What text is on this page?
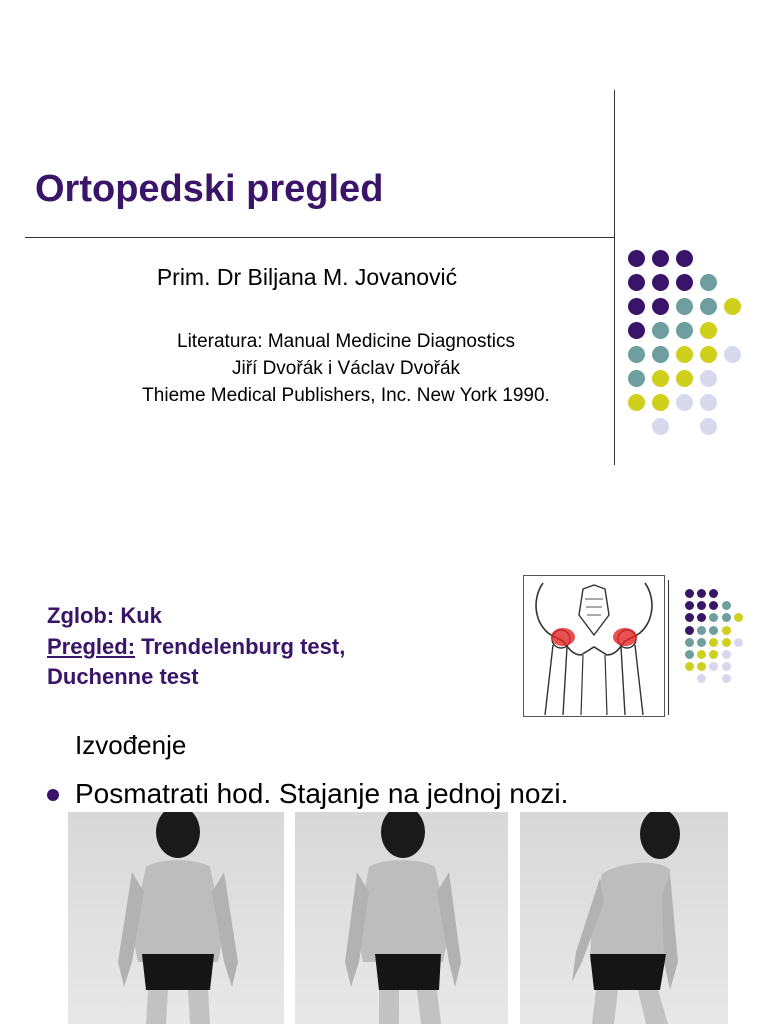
Ortopedski pregled
Prim. Dr Biljana M. Jovanović
Literatura: Manual Medicine Diagnostics
Jiří Dvořák i Václav Dvořák
Thieme Medical Publishers, Inc. New York 1990.
Zglob: Kuk
Pregled: Trendelenburg test,
Duchenne test
Izvođenje
Posmatrati hod. Stajanje na jednoj nozi.
